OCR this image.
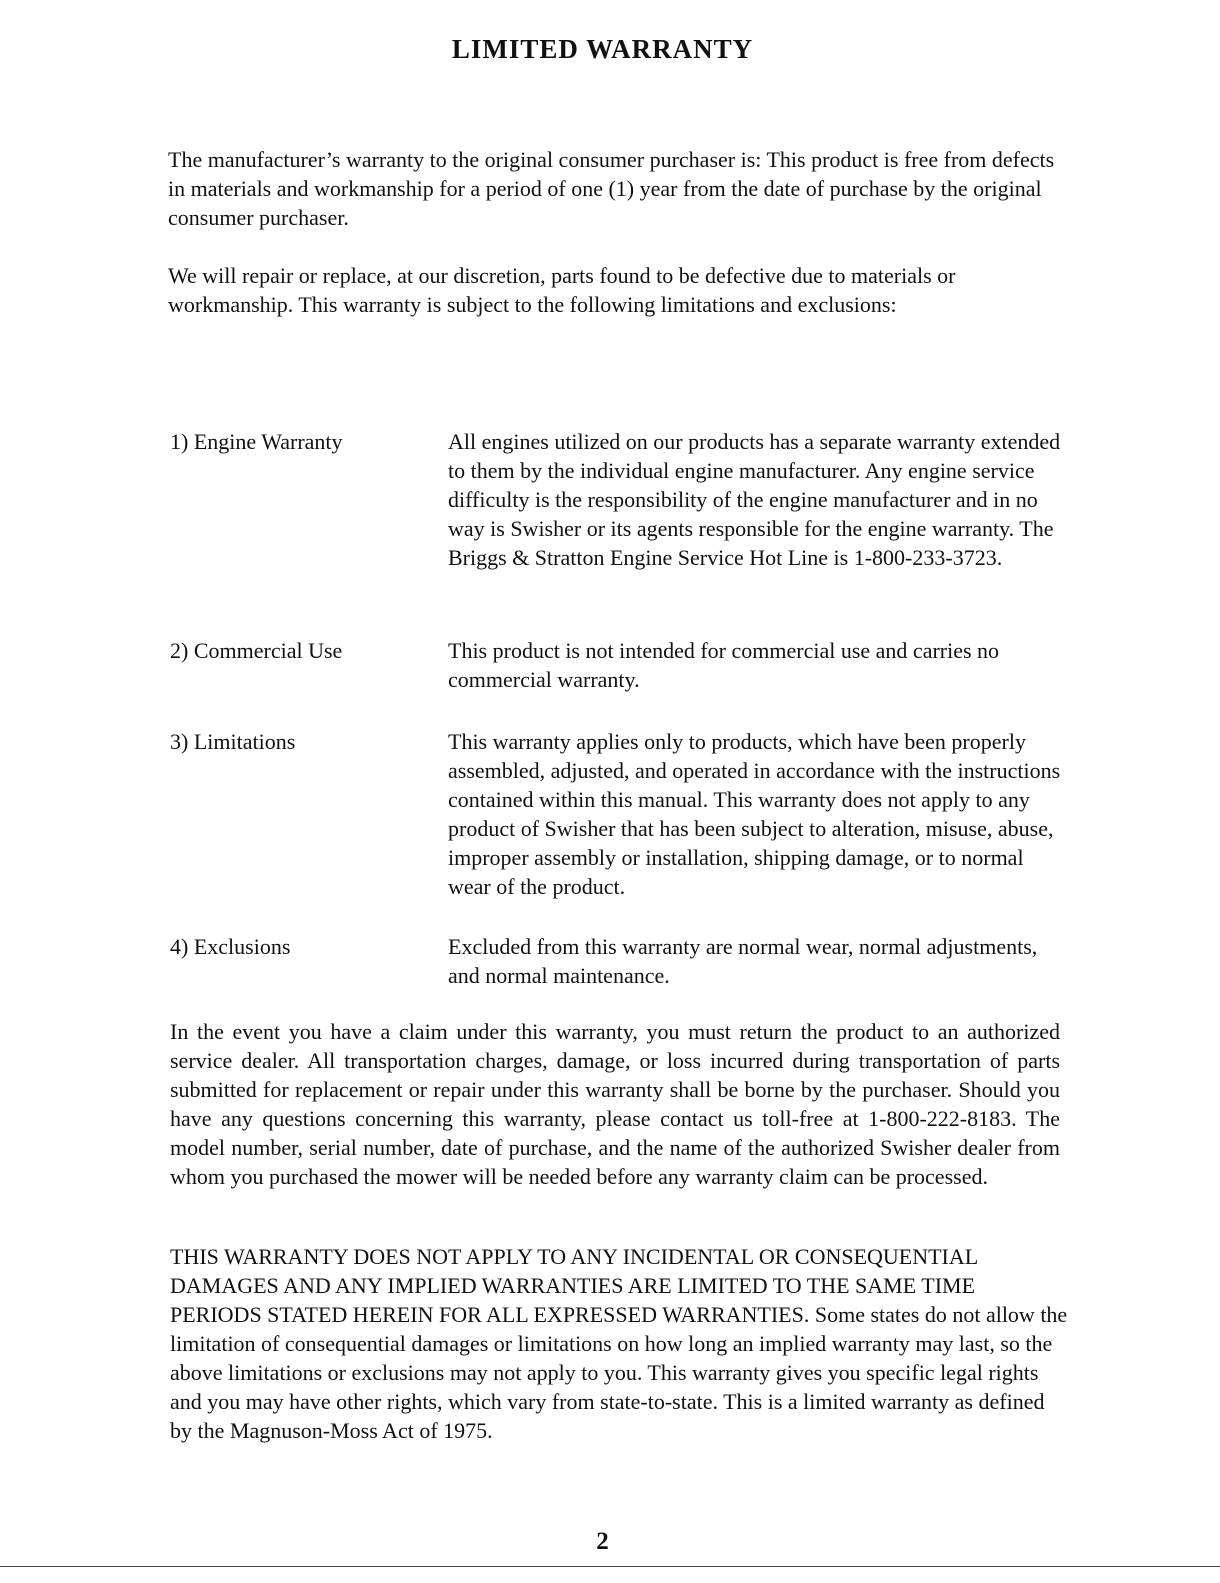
LIMITED WARRANTY

The manufacturer’s warranty to the original consumer purchaser is: This product is free from defects in materials and workmanship for a period of one (1) year from the date of purchase by the original consumer purchaser.

We will repair or replace, at our discretion, parts found to be defective due to materials or workmanship. This warranty is subject to the following limitations and exclusions:

1) Engine Warranty	All engines utilized on our products has a separate warranty extended to them by the individual engine manufacturer. Any engine service difficulty is the responsibility of the engine manufacturer and in no way is Swisher or its agents responsible for the engine warranty. The Briggs & Stratton Engine Service Hot Line is 1-800-233-3723.
2) Commercial Use	This product is not intended for commercial use and carries no commercial warranty.
3) Limitations	This warranty applies only to products, which have been properly assembled, adjusted, and operated in accordance with the instructions contained within this manual. This warranty does not apply to any product of Swisher that has been subject to alteration, misuse, abuse, improper assembly or installation, shipping damage, or to normal wear of the product.
4) Exclusions	Excluded from this warranty are normal wear, normal adjustments, and normal maintenance.

In the event you have a claim under this warranty, you must return the product to an authorized service dealer. All transportation charges, damage, or loss incurred during transportation of parts submitted for replacement or repair under this warranty shall be borne by the purchaser. Should you have any questions concerning this warranty, please contact us toll-free at 1-800-222-8183. The model number, serial number, date of purchase, and the name of the authorized Swisher dealer from whom you purchased the mower will be needed before any warranty claim can be processed.

THIS WARRANTY DOES NOT APPLY TO ANY INCIDENTAL OR CONSEQUENTIAL DAMAGES AND ANY IMPLIED WARRANTIES ARE LIMITED TO THE SAME TIME PERIODS STATED HEREIN FOR ALL EXPRESSED WARRANTIES. Some states do not allow the limitation of consequential damages or limitations on how long an implied warranty may last, so the above limitations or exclusions may not apply to you. This warranty gives you specific legal rights and you may have other rights, which vary from state-to-state. This is a limited warranty as defined by the Magnuson-Moss Act of 1975.

2
